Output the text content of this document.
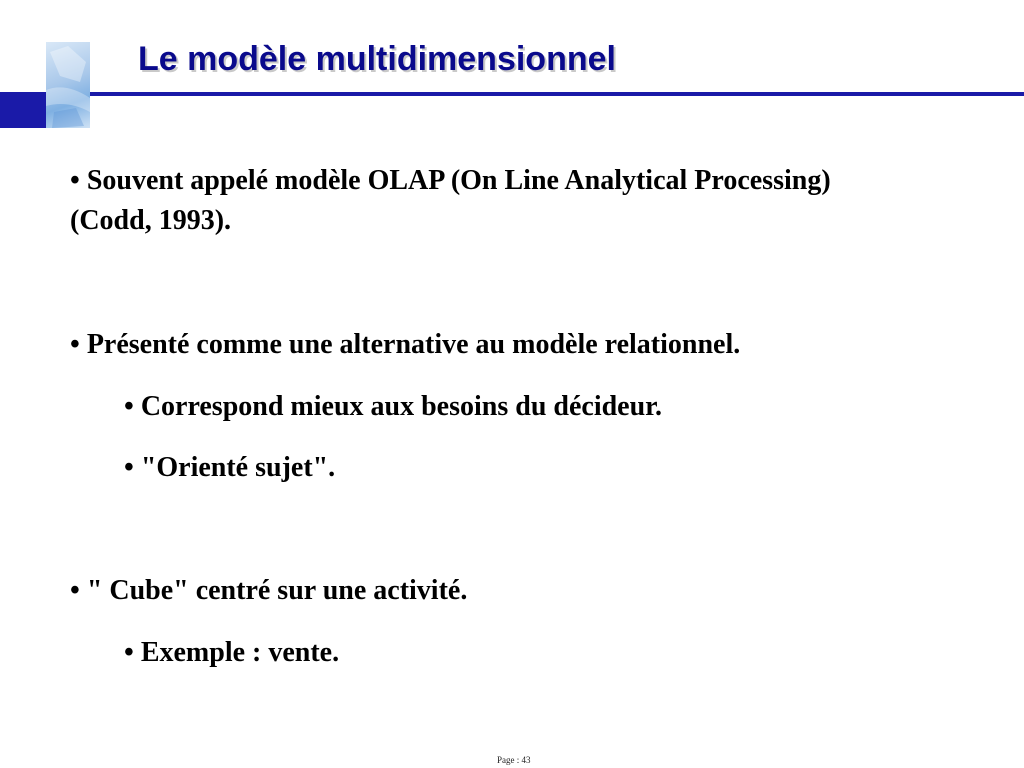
Le modèle multidimensionnel
• Souvent appelé modèle OLAP (On Line Analytical Processing) (Codd, 1993).
• Présenté comme une alternative au modèle relationnel.
• Correspond mieux aux besoins du décideur.
• "Orienté sujet".
• " Cube" centré sur une activité.
• Exemple : vente.
Page : 43
